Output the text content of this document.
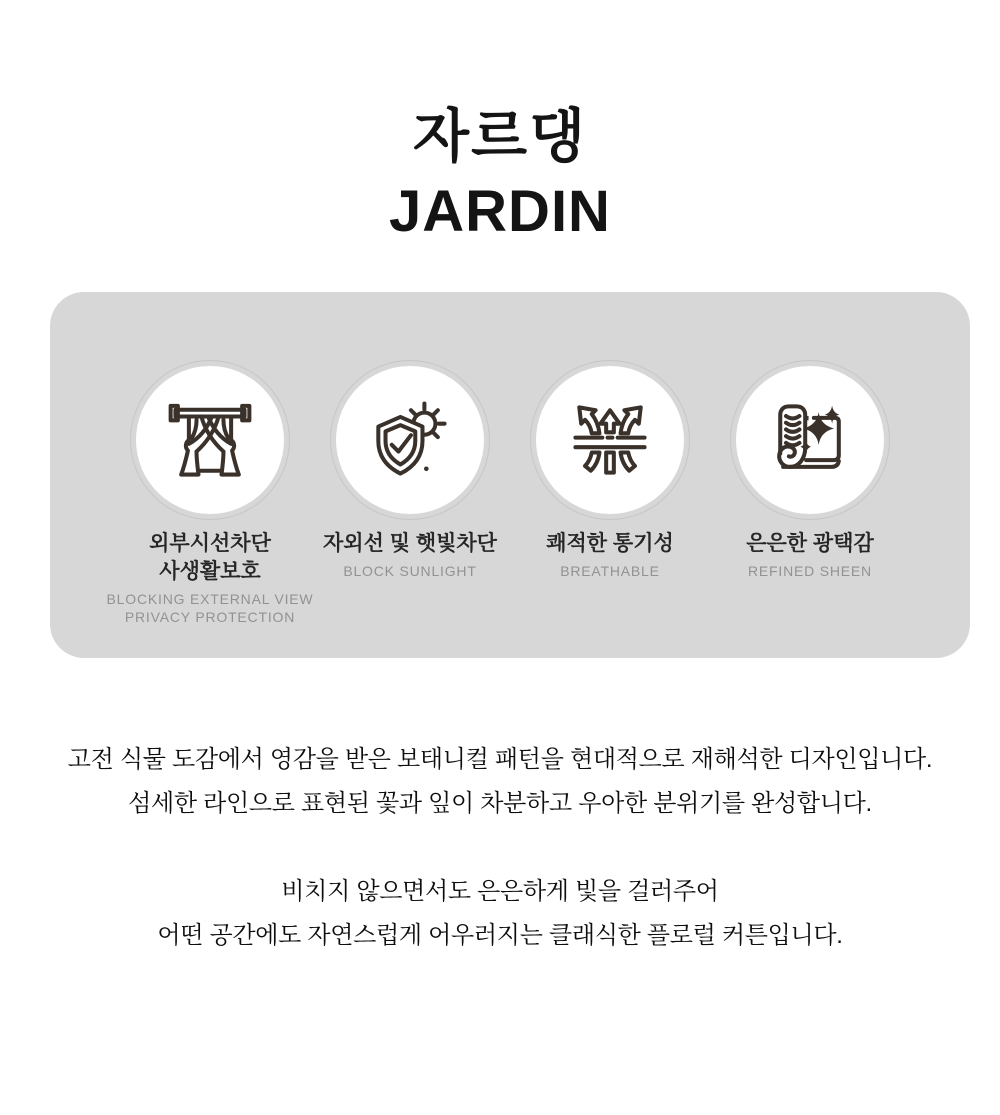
자르댕
JARDIN
외부시선차단
사생활보호
BLOCKING EXTERNAL VIEW
PRIVACY PROTECTION
자외선 및 햇빛차단
BLOCK SUNLIGHT
쾌적한 통기성
BREATHABLE
은은한 광택감
REFINED SHEEN

고전 식물 도감에서 영감을 받은 보태니컬 패턴을 현대적으로 재해석한 디자인입니다.
섬세한 라인으로 표현된 꽃과 잎이 차분하고 우아한 분위기를 완성합니다.

비치지 않으면서도 은은하게 빛을 걸러주어
어떤 공간에도 자연스럽게 어우러지는 클래식한 플로럴 커튼입니다.
